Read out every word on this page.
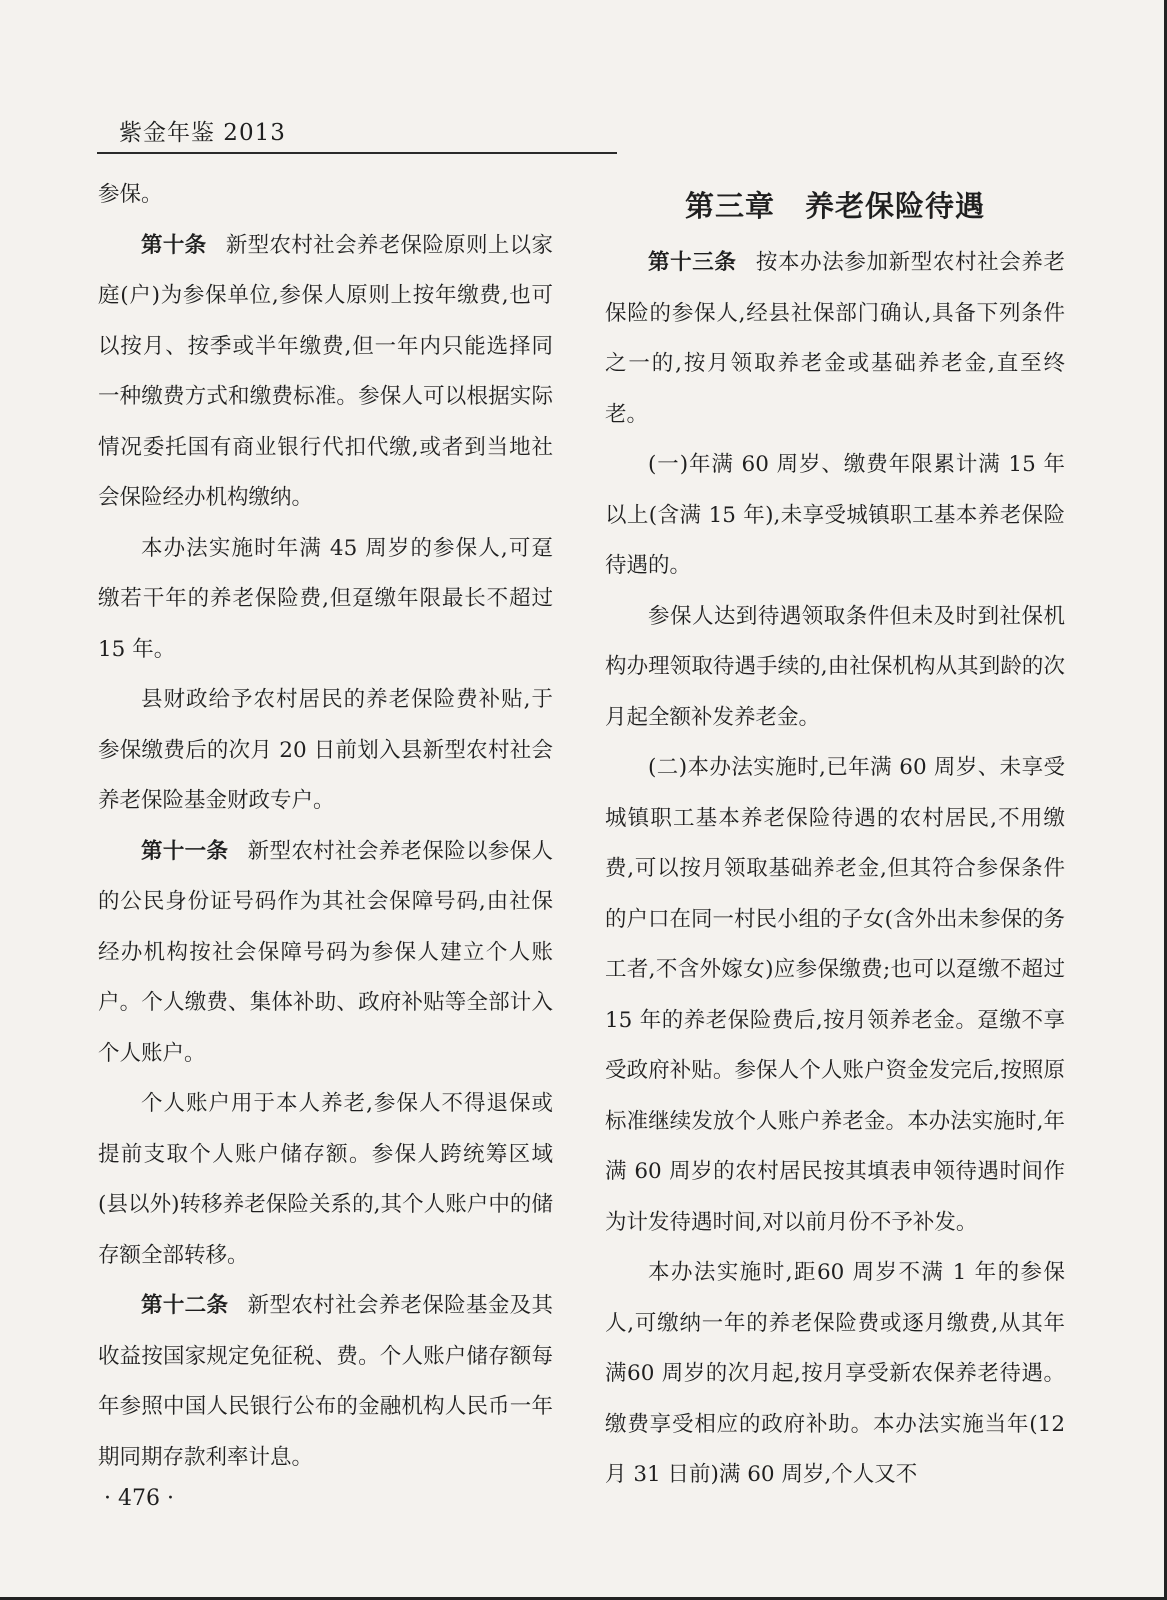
紫金年鉴 2013

参保。

第十条 新型农村社会养老保险原则上以家庭(户)为参保单位,参保人原则上按年缴费,也可以按月、按季或半年缴费,但一年内只能选择同一种缴费方式和缴费标准。参保人可以根据实际情况委托国有商业银行代扣代缴,或者到当地社会保险经办机构缴纳。

本办法实施时年满 45 周岁的参保人,可趸缴若干年的养老保险费,但趸缴年限最长不超过 15 年。

县财政给予农村居民的养老保险费补贴,于参保缴费后的次月 20 日前划入县新型农村社会养老保险基金财政专户。

第十一条 新型农村社会养老保险以参保人的公民身份证号码作为其社会保障号码,由社保经办机构按社会保障号码为参保人建立个人账户。个人缴费、集体补助、政府补贴等全部计入个人账户。

个人账户用于本人养老,参保人不得退保或提前支取个人账户储存额。参保人跨统筹区域(县以外)转移养老保险关系的,其个人账户中的储存额全部转移。

第十二条 新型农村社会养老保险基金及其收益按国家规定免征税、费。个人账户储存额每年参照中国人民银行公布的金融机构人民币一年期同期存款利率计息。

第三章 养老保险待遇

第十三条 按本办法参加新型农村社会养老保险的参保人,经县社保部门确认,具备下列条件之一的,按月领取养老金或基础养老金,直至终老。

(一)年满 60 周岁、缴费年限累计满 15 年以上(含满 15 年),未享受城镇职工基本养老保险待遇的。

参保人达到待遇领取条件但未及时到社保机构办理领取待遇手续的,由社保机构从其到龄的次月起全额补发养老金。

(二)本办法实施时,已年满 60 周岁、未享受城镇职工基本养老保险待遇的农村居民,不用缴费,可以按月领取基础养老金,但其符合参保条件的户口在同一村民小组的子女(含外出未参保的务工者,不含外嫁女)应参保缴费;也可以趸缴不超过 15 年的养老保险费后,按月领养老金。趸缴不享受政府补贴。参保人个人账户资金发完后,按照原标准继续发放个人账户养老金。本办法实施时,年满 60 周岁的农村居民按其填表申领待遇时间作为计发待遇时间,对以前月份不予补发。

本办法实施时,距60 周岁不满 1 年的参保人,可缴纳一年的养老保险费或逐月缴费,从其年满60 周岁的次月起,按月享受新农保养老待遇。缴费享受相应的政府补助。本办法实施当年(12 月 31 日前)满 60 周岁,个人又不

· 476 ·
